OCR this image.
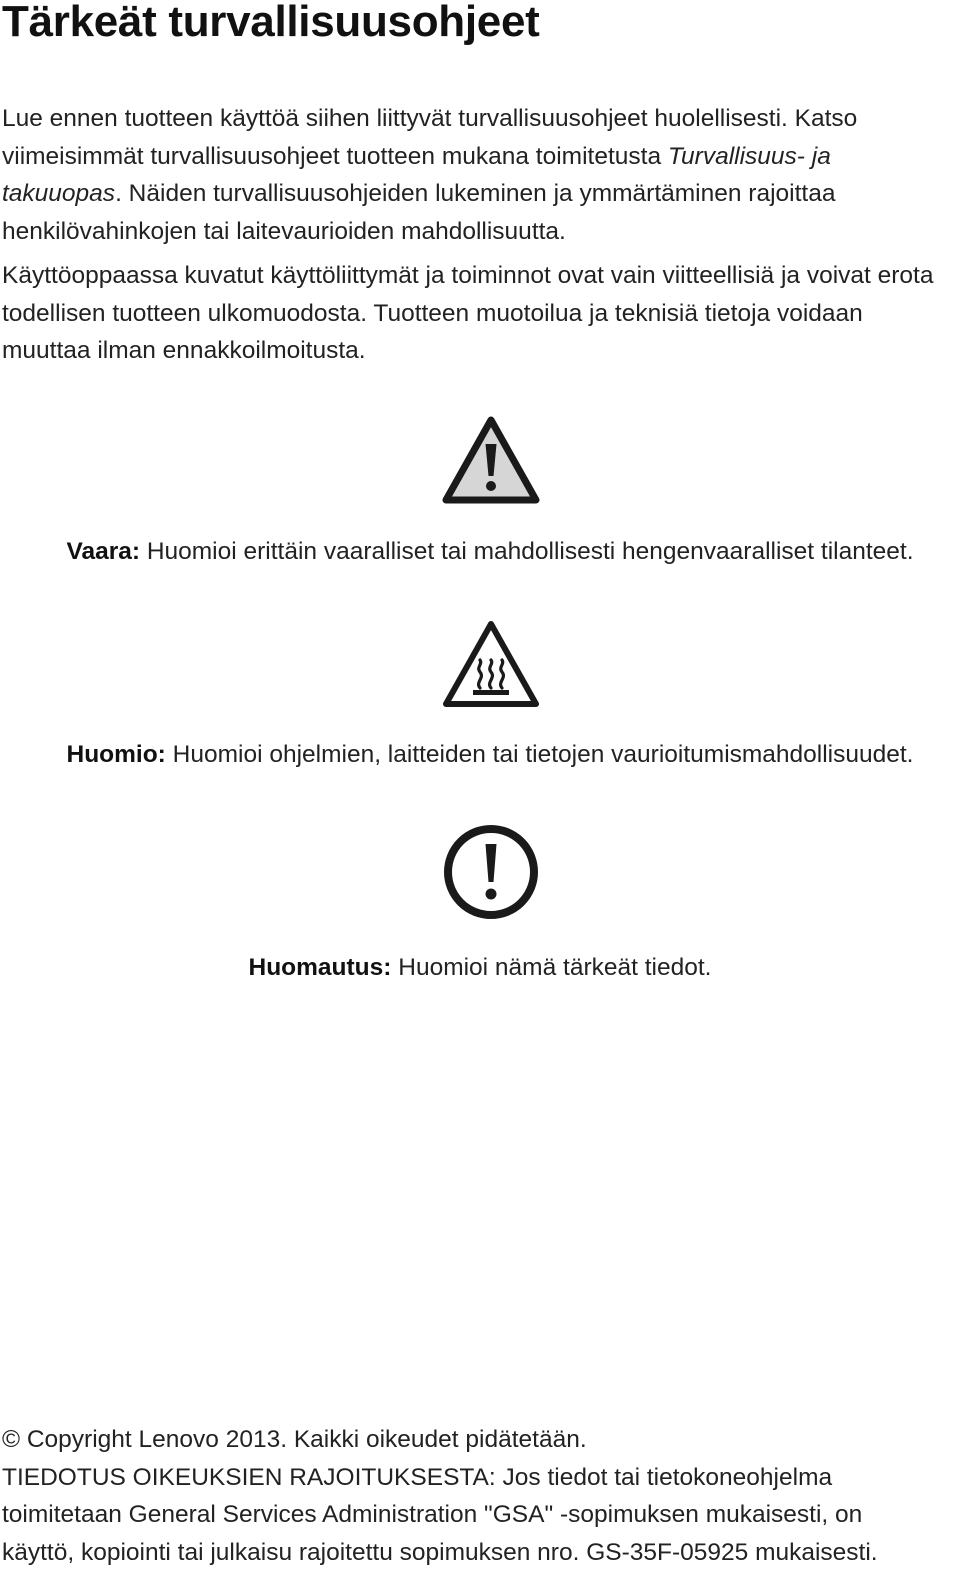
Tärkeät turvallisuusohjeet

Lue ennen tuotteen käyttöä siihen liittyvät turvallisuusohjeet huolellisesti. Katso viimeisimmät turvallisuusohjeet tuotteen mukana toimitetusta Turvallisuus- ja takuuopas. Näiden turvallisuusohjeiden lukeminen ja ymmärtäminen rajoittaa henkilövahinkojen tai laitevaurioiden mahdollisuutta.

Käyttöoppaassa kuvatut käyttöliittymät ja toiminnot ovat vain viitteellisiä ja voivat erota todellisen tuotteen ulkomuodosta. Tuotteen muotoilua ja teknisiä tietoja voidaan muuttaa ilman ennakkoilmoitusta.

Vaara: Huomioi erittäin vaaralliset tai mahdollisesti hengenvaaralliset tilanteet.

Huomio: Huomioi ohjelmien, laitteiden tai tietojen vaurioitumismahdollisuudet.

Huomautus: Huomioi nämä tärkeät tiedot.

© Copyright Lenovo 2013. Kaikki oikeudet pidätetään.
TIEDOTUS OIKEUKSIEN RAJOITUKSESTA: Jos tiedot tai tietokoneohjelma
toimitetaan General Services Administration "GSA" -sopimuksen mukaisesti, on
käyttö, kopiointi tai julkaisu rajoitettu sopimuksen nro. GS-35F-05925 mukaisesti.
